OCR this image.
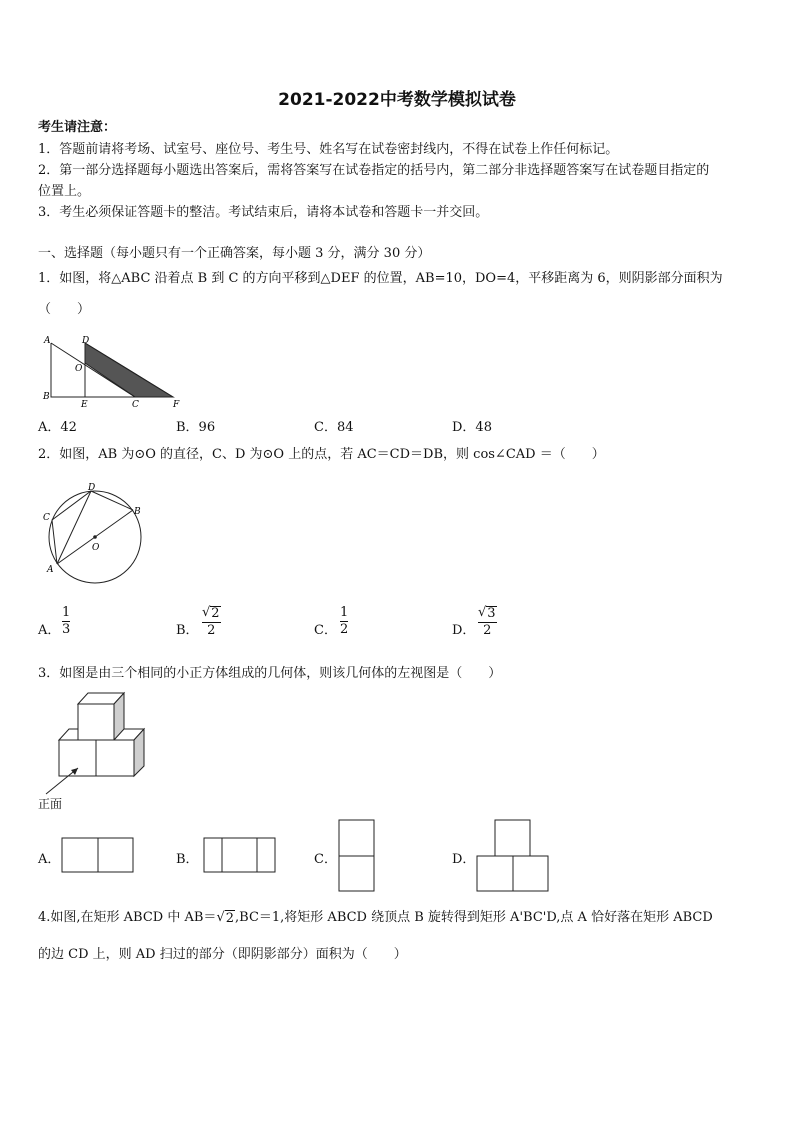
2021-2022中考数学模拟试卷
考生请注意：
1．答题前请将考场、试室号、座位号、考生号、姓名写在试卷密封线内，不得在试卷上作任何标记。
2．第一部分选择题每小题选出答案后，需将答案写在试卷指定的括号内，第二部分非选择题答案写在试卷题目指定的
位置上。
3．考生必须保证答题卡的整洁。考试结束后，请将本试卷和答题卡一并交回。
一、选择题（每小题只有一个正确答案，每小题 3 分，满分 30 分）
1．如图，将△ABC 沿着点 B 到 C 的方向平移到△DEF 的位置，AB=10，DO=4，平移距离为 6，则阴影部分面积为
（　　）
A	D
O
B
E	C	F
A．42	B．96	C．84	D．48
2．如图，AB 为⊙O 的直径，C、D 为⊙O 上的点，若 AC＝CD＝DB，则 cos∠CAD ＝（　　）
D
C
B
A
O
A．
1
3	B．
√ 2
2	C．
1
2	D．
√ 3
2
3．如图是由三个相同的小正方体组成的几何体，则该几何体的左视图是（　　）
正面
A．	B．	C．	D．
4.如图,在矩形 ABCD 中 AB＝ √ 2 ,BC＝1,将矩形 ABCD 绕顶点 B 旋转得到矩形 A'BC'D,点 A 恰好落在矩形 ABCD
的边 CD 上，则 AD 扫过的部分（即阴影部分）面积为（　　）
